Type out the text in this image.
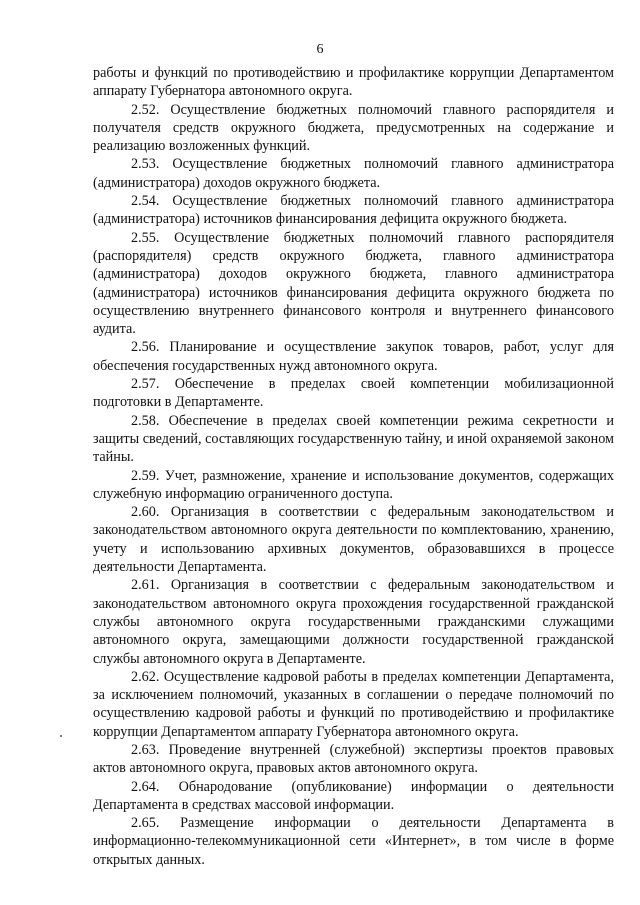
6

работы и функций по противодействию и профилактике коррупции Департаментом аппарату Губернатора автономного округа.

2.52. Осуществление бюджетных полномочий главного распорядителя и получателя средств окружного бюджета, предусмотренных на содержание и реализацию возложенных функций.

2.53. Осуществление бюджетных полномочий главного администратора (администратора) доходов окружного бюджета.

2.54. Осуществление бюджетных полномочий главного администратора (администратора) источников финансирования дефицита окружного бюджета.

2.55. Осуществление бюджетных полномочий главного распорядителя (распорядителя) средств окружного бюджета, главного администратора (администратора) доходов окружного бюджета, главного администратора (администратора) источников финансирования дефицита окружного бюджета по осуществлению внутреннего финансового контроля и внутреннего финансового аудита.

2.56. Планирование и осуществление закупок товаров, работ, услуг для обеспечения государственных нужд автономного округа.

2.57. Обеспечение в пределах своей компетенции мобилизационной подготовки в Департаменте.

2.58. Обеспечение в пределах своей компетенции режима секретности и защиты сведений, составляющих государственную тайну, и иной охраняемой законом тайны.

2.59. Учет, размножение, хранение и использование документов, содержащих служебную информацию ограниченного доступа.

2.60. Организация в соответствии с федеральным законодательством и законодательством автономного округа деятельности по комплектованию, хранению, учету и использованию архивных документов, образовавшихся в процессе деятельности Департамента.

2.61. Организация в соответствии с федеральным законодательством и законодательством автономного округа прохождения государственной гражданской службы автономного округа государственными гражданскими служащими автономного округа, замещающими должности государственной гражданской службы автономного округа в Департаменте.

2.62. Осуществление кадровой работы в пределах компетенции Департамента, за исключением полномочий, указанных в соглашении о передаче полномочий по осуществлению кадровой работы и функций по противодействию и профилактике коррупции Департаментом аппарату Губернатора автономного округа.

2.63. Проведение внутренней (служебной) экспертизы проектов правовых актов автономного округа, правовых актов автономного округа.

2.64. Обнародование (опубликование) информации о деятельности Департамента в средствах массовой информации.

2.65. Размещение информации о деятельности Департамента в информационно-телекоммуникационной сети «Интернет», в том числе в форме открытых данных.
